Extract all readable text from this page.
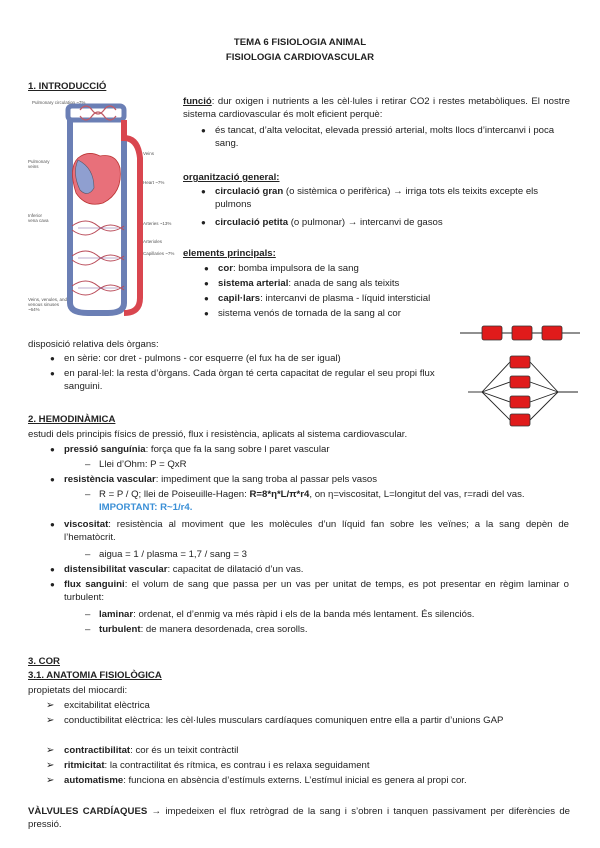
TEMA 6 FISIOLOGIA ANIMAL
FISIOLOGIA CARDIOVASCULAR
1. INTRODUCCIÓ
Pulmonary circulation ~7%
Veins
Heart ~7%
Pulmonary veins
Inferior vena cava
Arteries ~13%
Arterioles
Capillaries ~7%
Veins, venules, and venous sinuses ~64%
funció: dur oxigen i nutrients a les cèl·lules i retirar CO2 i restes metabòliques. El nostre sistema cardiovascular és molt eficient perquè:
● és tancat, d’alta velocitat, elevada pressió arterial, molts llocs d’intercanvi i poca sang.
organització general:
● circulació gran (o sistèmica o perifèrica) → irriga tots els teixits excepte els pulmons
● circulació petita (o pulmonar) → intercanvi de gasos
elements principals:
● cor: bomba impulsora de la sang
● sistema arterial: anada de sang als teixits
● capil·lars: intercanvi de plasma - líquid intersticial
● sistema venós de tornada de la sang al cor
disposició relativa dels òrgans:
● en sèrie: cor dret - pulmons - cor esquerre (el fux ha de ser igual)
● en paral·lel: la resta d’òrgans. Cada òrgan té certa capacitat de regular el seu propi flux sanguini.
2. HEMODINÀMICA
estudi dels principis físics de pressió, flux i resistència, aplicats al sistema cardiovascular.
● pressió sanguínia: força que fa la sang sobre l paret vascular
– Llei d’Ohm: P = QxR
● resistència vascular: impediment que la sang troba al passar pels vasos
– R = P / Q; llei de Poiseuille-Hagen: R=8*η*L/π*r4, on η=viscositat, L=longitut del vas, r=radi del vas. IMPORTANT: R~1/r4.
● viscositat: resistència al moviment que les molècules d’un líquid fan sobre les veïnes; a la sang depèn de l’hematòcrit.
– aigua = 1 / plasma = 1,7 / sang = 3
● distensibilitat vascular: capacitat de dilatació d’un vas.
● flux sanguini: el volum de sang que passa per un vas per unitat de temps, es pot presentar en règim laminar o turbulent:
– laminar: ordenat, el d’enmig va més ràpid i els de la banda més lentament. És silenciós.
– turbulent: de manera desordenada, crea sorolls.
3. COR
3.1. ANATOMIA FISIOLÒGICA
propietats del miocardi:
➢ excitabilitat elèctrica
➢ conductibilitat elèctrica: les cèl·lules musculars cardíaques comuniquen entre ella a partir d’unions GAP
➢ contractibilitat: cor és un teixit contràctil
➢ ritmicitat: la contractilitat és rítmica, es contrau i es relaxa seguidament
➢ automatisme: funciona en absència d’estímuls externs. L’estímul inicial es genera al propi cor.
VÀLVULES CARDÍAQUES → impedeixen el flux retrògrad de la sang i s’obren i tanquen passivament per diferències de pressió.
